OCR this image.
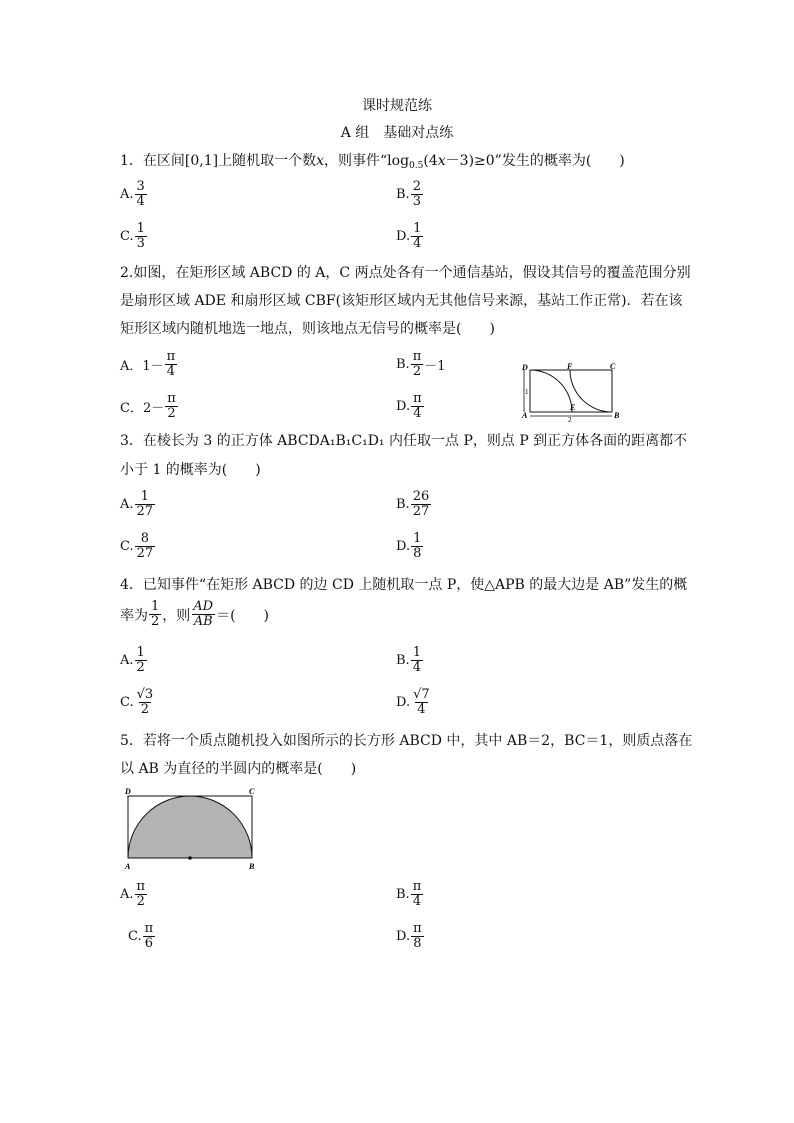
课时规范练
A 组　基础对点练
1．在区间[0,1]上随机取一个数x，则事件“$\log_{0.5}(4x-3)\ge 0$”发生的概率为(　　)
A. $\frac{3}{4}$	B. $\frac{2}{3}$
C. $\frac{1}{3}$	D. $\frac{1}{4}$
2.如图，在矩形区域 ABCD 的 A，C 两点处各有一个通信基站，假设其信号的覆盖范围分别
是扇形区域 ADE 和扇形区域 CBF(该矩形区域内无其他信号来源，基站工作正常)．若在该
矩形区域内随机地选一地点，则该地点无信号的概率是(　　)
A．$1- \frac{\pi}{4}$	B. $\frac{\pi}{2} -1$
C．$2- \frac{\pi}{2}$	D. $\frac{\pi}{4}$
D	F	C
A
E
B
1
2
3．在棱长为 3 的正方体 ABCDA₁B₁C₁D₁ 内任取一点 P，则点 P 到正方体各面的距离都不
小于 1 的概率为(　　)
A. $\frac{1}{27}$	B. $\frac{26}{27}$
C. $\frac{8}{27}$	D. $\frac{1}{8}$
4．已知事件“在矩形 ABCD 的边 CD 上随机取一点 P，使△APB 的最大边是 AB”发生的概
率为 $\frac{1}{2}$ ，则 $\frac{AD}{AB}$ ＝(　　)
A. $\frac{1}{2}$	B. $\frac{1}{4}$
C. $\frac{√3}{2}$	D. $\frac{√7}{4}$
5．若将一个质点随机投入如图所示的长方形 ABCD 中，其中 AB＝2，BC＝1，则质点落在
以 AB 为直径的半圆内的概率是(　　)
D	C
A	B
A. $\frac{\pi}{2}$	B. $\frac{\pi}{4}$
C. $\frac{\pi}{6}$	D. $\frac{\pi}{8}$
